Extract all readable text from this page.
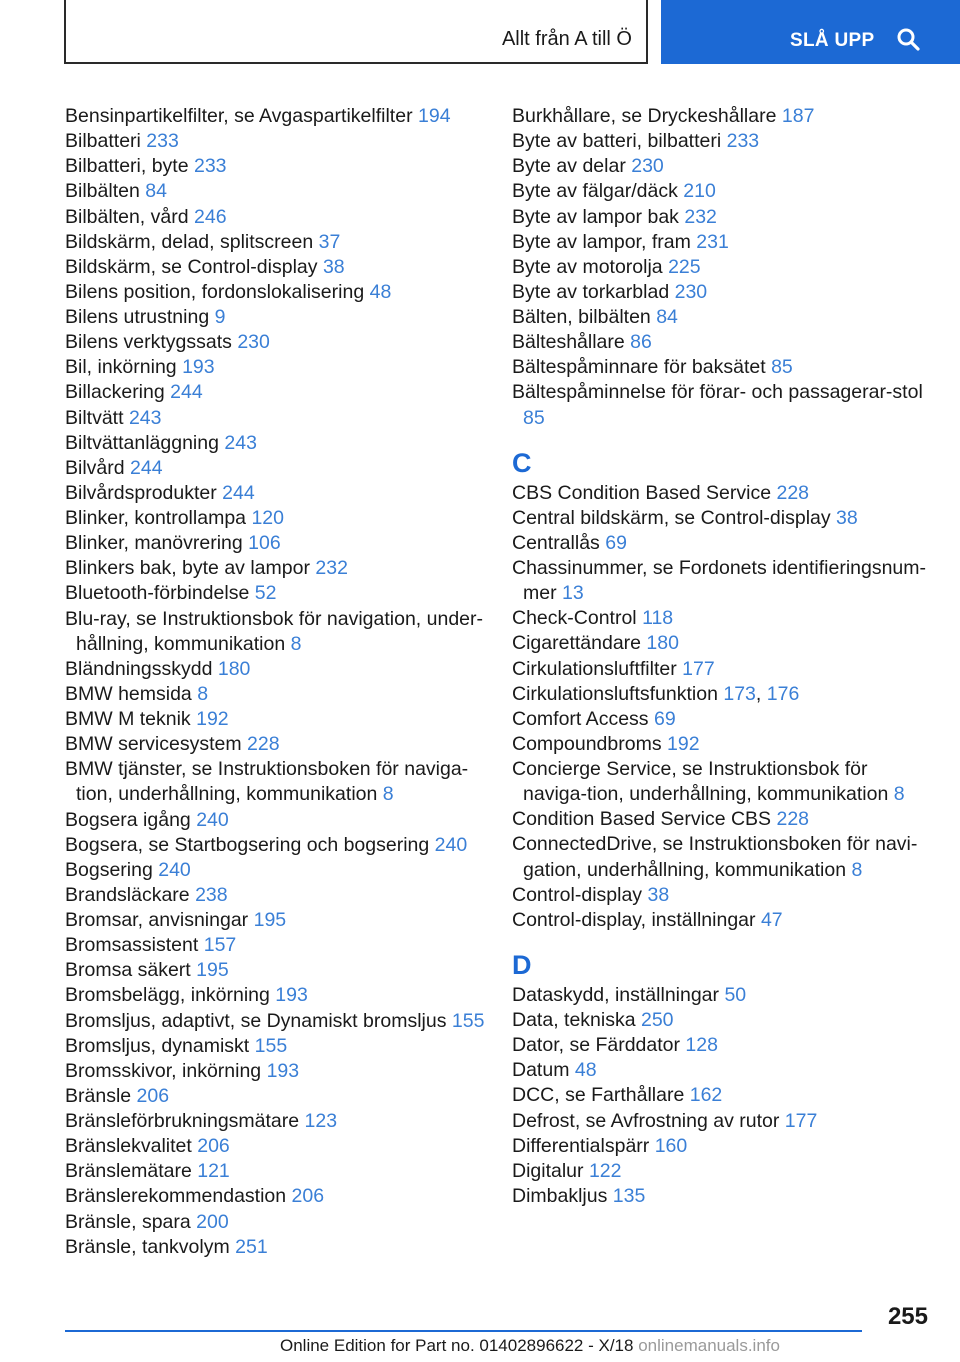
Allt från A till Ö	SLÅ UPP
Bensinpartikelfilter, se Avgaspartikelfilter 194
Bilbatteri 233
Bilbatteri, byte 233
Bilbälten 84
Bilbälten, vård 246
Bildskärm, delad, splitscreen 37
Bildskärm, se Control-display 38
Bilens position, fordonslokalisering 48
Bilens utrustning 9
Bilens verktygssats 230
Bil, inkörning 193
Billackering 244
Biltvätt 243
Biltvättanläggning 243
Bilvård 244
Bilvårdsprodukter 244
Blinker, kontrollampa 120
Blinker, manövrering 106
Blinkers bak, byte av lampor 232
Bluetooth-förbindelse 52
Blu-ray, se Instruktionsbok för navigation, under-hållning, kommunikation 8
Bländningsskydd 180
BMW hemsida 8
BMW M teknik 192
BMW servicesystem 228
BMW tjänster, se Instruktionsboken för naviga-tion, underhållning, kommunikation 8
Bogsera igång 240
Bogsera, se Startbogsering och bogsering 240
Bogsering 240
Brandsläckare 238
Bromsar, anvisningar 195
Bromsassistent 157
Bromsa säkert 195
Bromsbelägg, inkörning 193
Bromsljus, adaptivt, se Dynamiskt bromsljus 155
Bromsljus, dynamiskt 155
Bromsskivor, inkörning 193
Bränsle 206
Bränsleförbrukningsmätare 123
Bränslekvalitet 206
Bränslemätare 121
Bränslerekommendastion 206
Bränsle, spara 200
Bränsle, tankvolym 251
Burkhållare, se Dryckeshållare 187
Byte av batteri, bilbatteri 233
Byte av delar 230
Byte av fälgar/däck 210
Byte av lampor bak 232
Byte av lampor, fram 231
Byte av motorolja 225
Byte av torkarblad 230
Bälten, bilbälten 84
Bälteshållare 86
Bältespåminnare för baksätet 85
Bältespåminnelse för förar- och passagerar-stol 85
C
CBS Condition Based Service 228
Central bildskärm, se Control-display 38
Centrallås 69
Chassinummer, se Fordonets identifieringsnum-mer 13
Check-Control 118
Cigarettändare 180
Cirkulationsluftfilter 177
Cirkulationsluftsfunktion 173, 176
Comfort Access 69
Compoundbroms 192
Concierge Service, se Instruktionsbok för naviga-tion, underhållning, kommunikation 8
Condition Based Service CBS 228
ConnectedDrive, se Instruktionsboken för navi-gation, underhållning, kommunikation 8
Control-display 38
Control-display, inställningar 47
D
Dataskydd, inställningar 50
Data, tekniska 250
Dator, se Färddator 128
Datum 48
DCC, se Farthållare 162
Defrost, se Avfrostning av rutor 177
Differentialspärr 160
Digitalur 122
Dimbakljus 135
255
Online Edition for Part no. 01402896622 - X/18 onlinemanuals.info
